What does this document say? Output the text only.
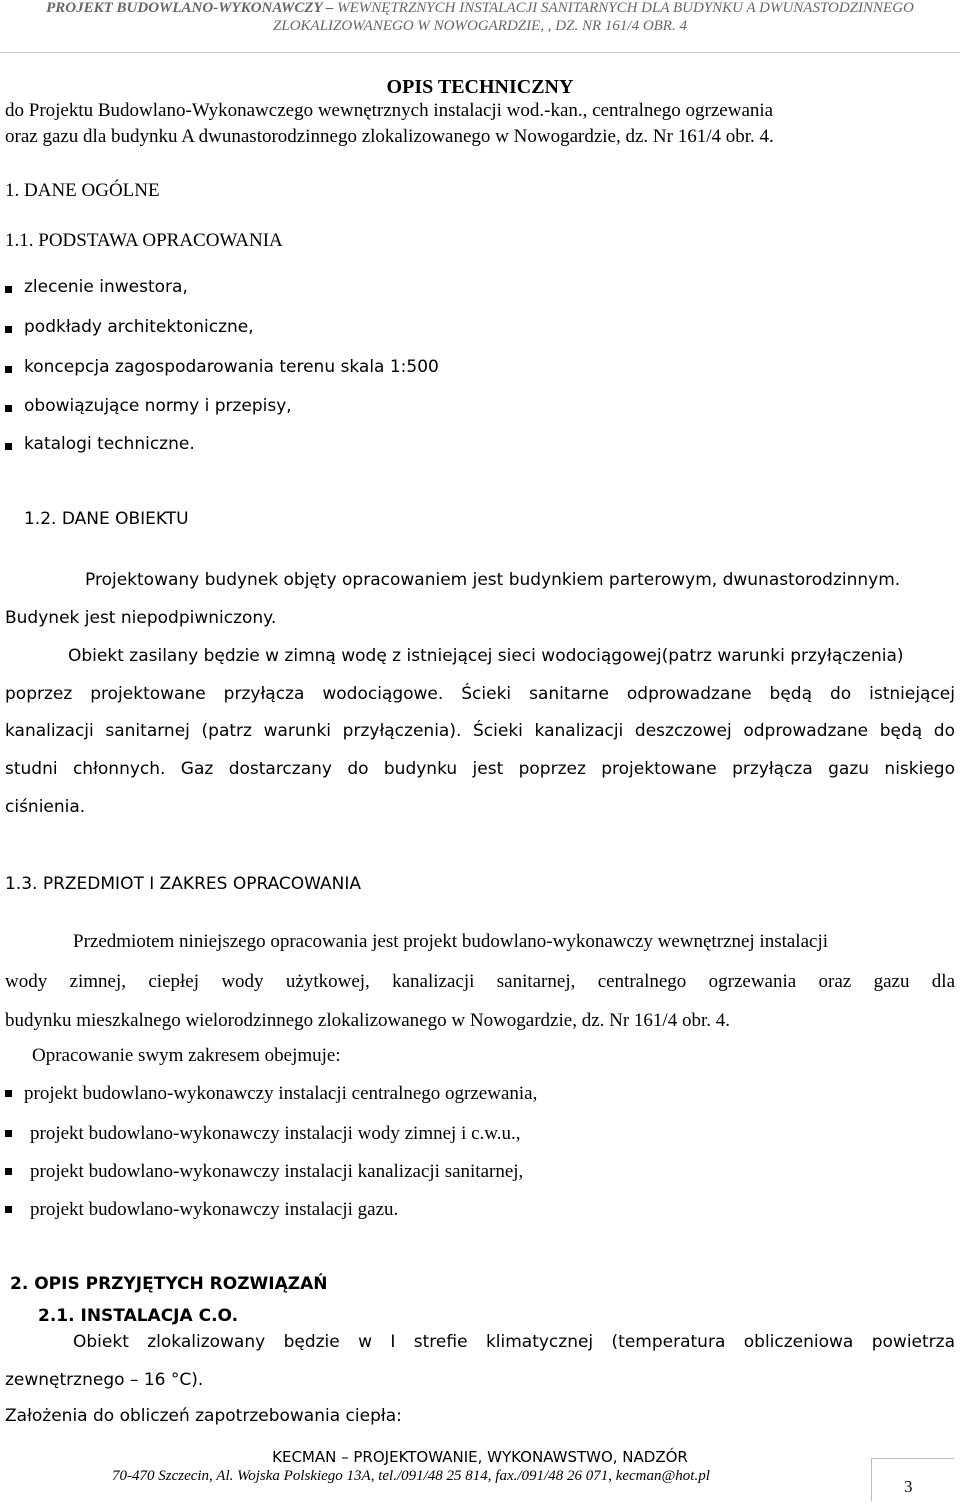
PROJEKT BUDOWLANO-WYKONAWCZY – WEWNĘTRZNYCH INSTALACJI SANITARNYCH DLA BUDYNKU A DWUNASTODZINNEGO
ZLOKALIZOWANEGO W NOWOGARDZIE, , DZ. NR 161/4 OBR. 4
OPIS TECHNICZNY
do Projektu Budowlano-Wykonawczego wewnętrznych instalacji wod.-kan., centralnego ogrzewania
oraz gazu dla budynku A dwunastorodzinnego zlokalizowanego w Nowogardzie, dz. Nr 161/4 obr. 4.
1. DANE OGÓLNE
1.1. PODSTAWA OPRACOWANIA
zlecenie inwestora,
podkłady architektoniczne,
koncepcja zagospodarowania terenu skala 1:500
obowiązujące normy i przepisy,
katalogi techniczne.
1.2. DANE OBIEKTU
Projektowany budynek objęty opracowaniem jest budynkiem parterowym, dwunastorodzinnym.
Budynek jest niepodpiwniczony.
Obiekt zasilany będzie w zimną wodę z istniejącej sieci wodociągowej(patrz warunki przyłączenia)
poprzez projektowane przyłącza wodociągowe. Ścieki sanitarne odprowadzane będą do istniejącej
kanalizacji sanitarnej (patrz warunki przyłączenia). Ścieki kanalizacji deszczowej odprowadzane będą do
studni chłonnych. Gaz dostarczany do budynku jest poprzez projektowane przyłącza gazu niskiego
ciśnienia.
1.3. PRZEDMIOT I ZAKRES OPRACOWANIA
Przedmiotem niniejszego opracowania jest projekt budowlano-wykonawczy wewnętrznej instalacji
wody zimnej, ciepłej wody użytkowej, kanalizacji sanitarnej, centralnego ogrzewania oraz gazu dla
budynku mieszkalnego wielorodzinnego zlokalizowanego w Nowogardzie, dz. Nr 161/4 obr. 4.
Opracowanie swym zakresem obejmuje:
projekt budowlano-wykonawczy instalacji centralnego ogrzewania,
projekt budowlano-wykonawczy instalacji wody zimnej i c.w.u.,
projekt budowlano-wykonawczy instalacji kanalizacji sanitarnej,
projekt budowlano-wykonawczy instalacji gazu.
2. OPIS PRZYJĘTYCH ROZWIĄZAŃ
2.1. INSTALACJA C.O.
Obiekt zlokalizowany będzie w I strefie klimatycznej (temperatura obliczeniowa powietrza
zewnętrznego – 16 °C).
Założenia do obliczeń zapotrzebowania ciepła:
KECMAN – PROJEKTOWANIE, WYKONAWSTWO, NADZÓR
70-470 Szczecin, Al. Wojska Polskiego 13A, tel./091/48 25 814, fax./091/48 26 071, kecman@hot.pl
3
